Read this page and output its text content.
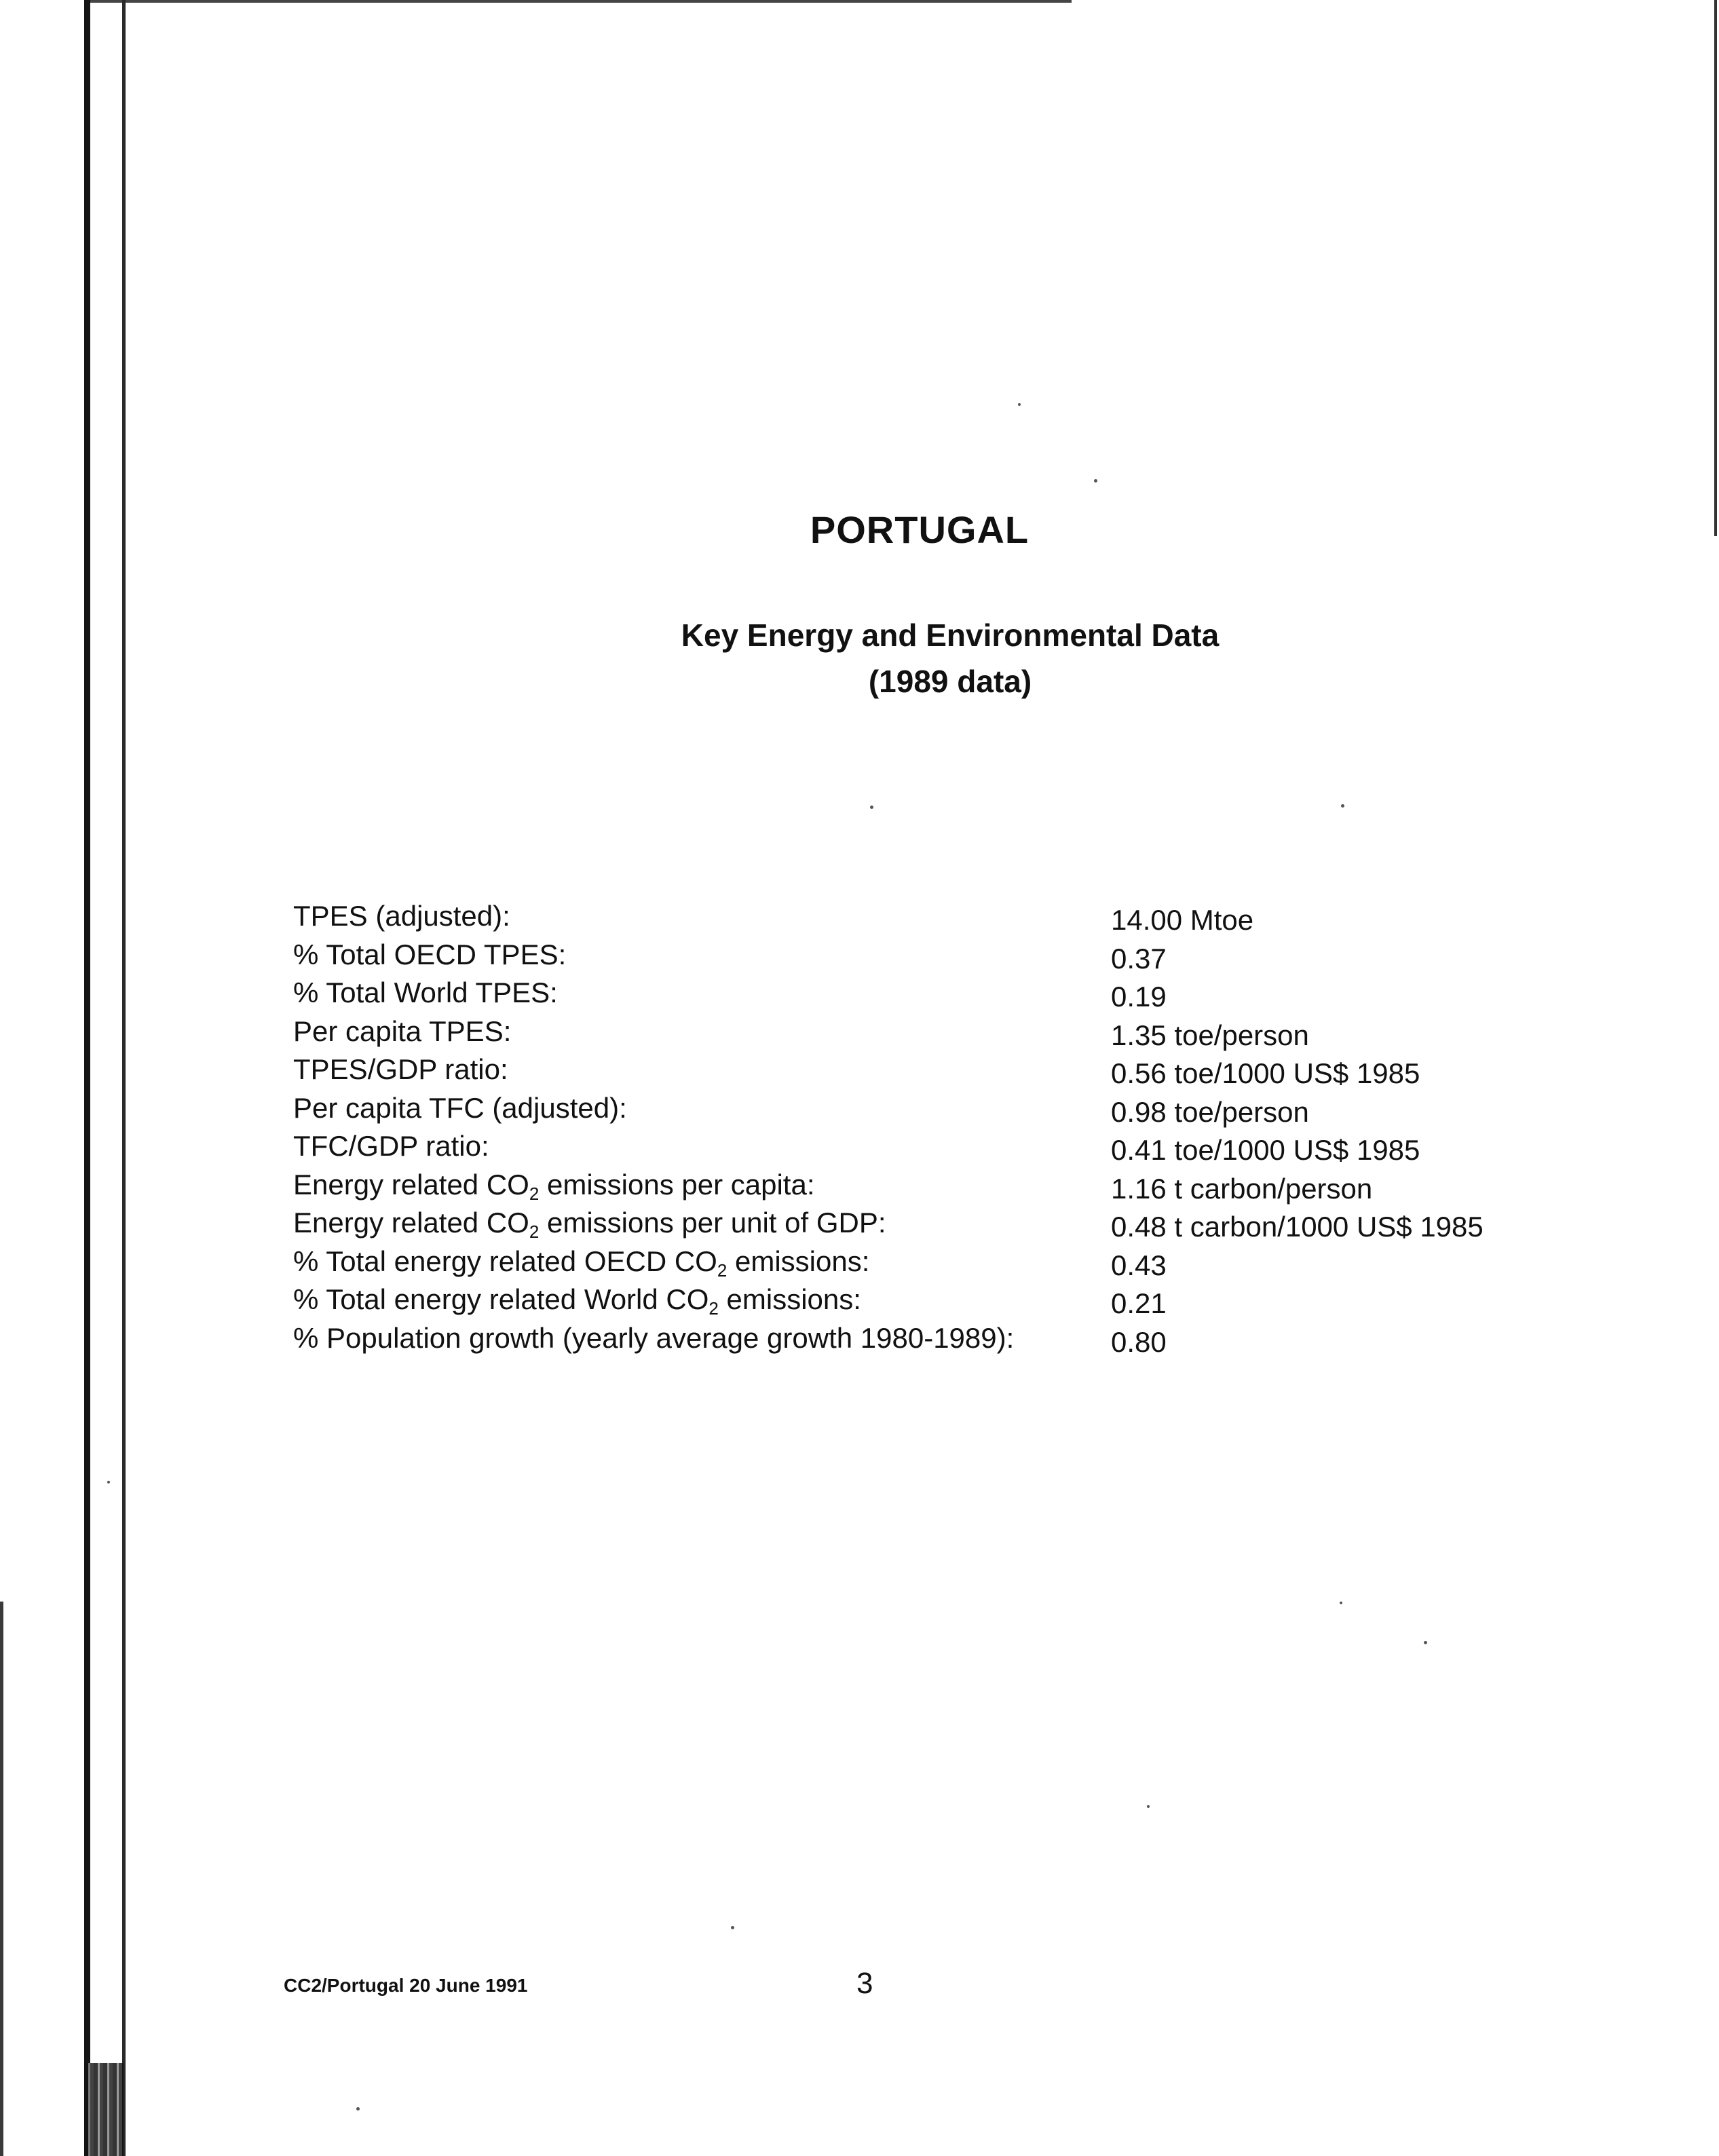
PORTUGAL
Key Energy and Environmental Data
(1989 data)
TPES (adjusted):	14.00 Mtoe
% Total OECD TPES:	0.37
% Total World TPES:	0.19
Per capita TPES:	1.35 toe/person
TPES/GDP ratio:	0.56 toe/1000 US$ 1985
Per capita TFC (adjusted):	0.98 toe/person
TFC/GDP ratio:	0.41 toe/1000 US$ 1985
Energy related $CO_2$ emissions per capita:	1.16 t carbon/person
Energy related $CO_2$ emissions per unit of GDP:	0.48 t carbon/1000 US$ 1985
% Total energy related OECD $CO_2$ emissions:	0.43
% Total energy related World $CO_2$ emissions:	0.21
% Population growth (yearly average growth 1980-1989):	0.80
CC2/Portugal 20 June 1991	3
